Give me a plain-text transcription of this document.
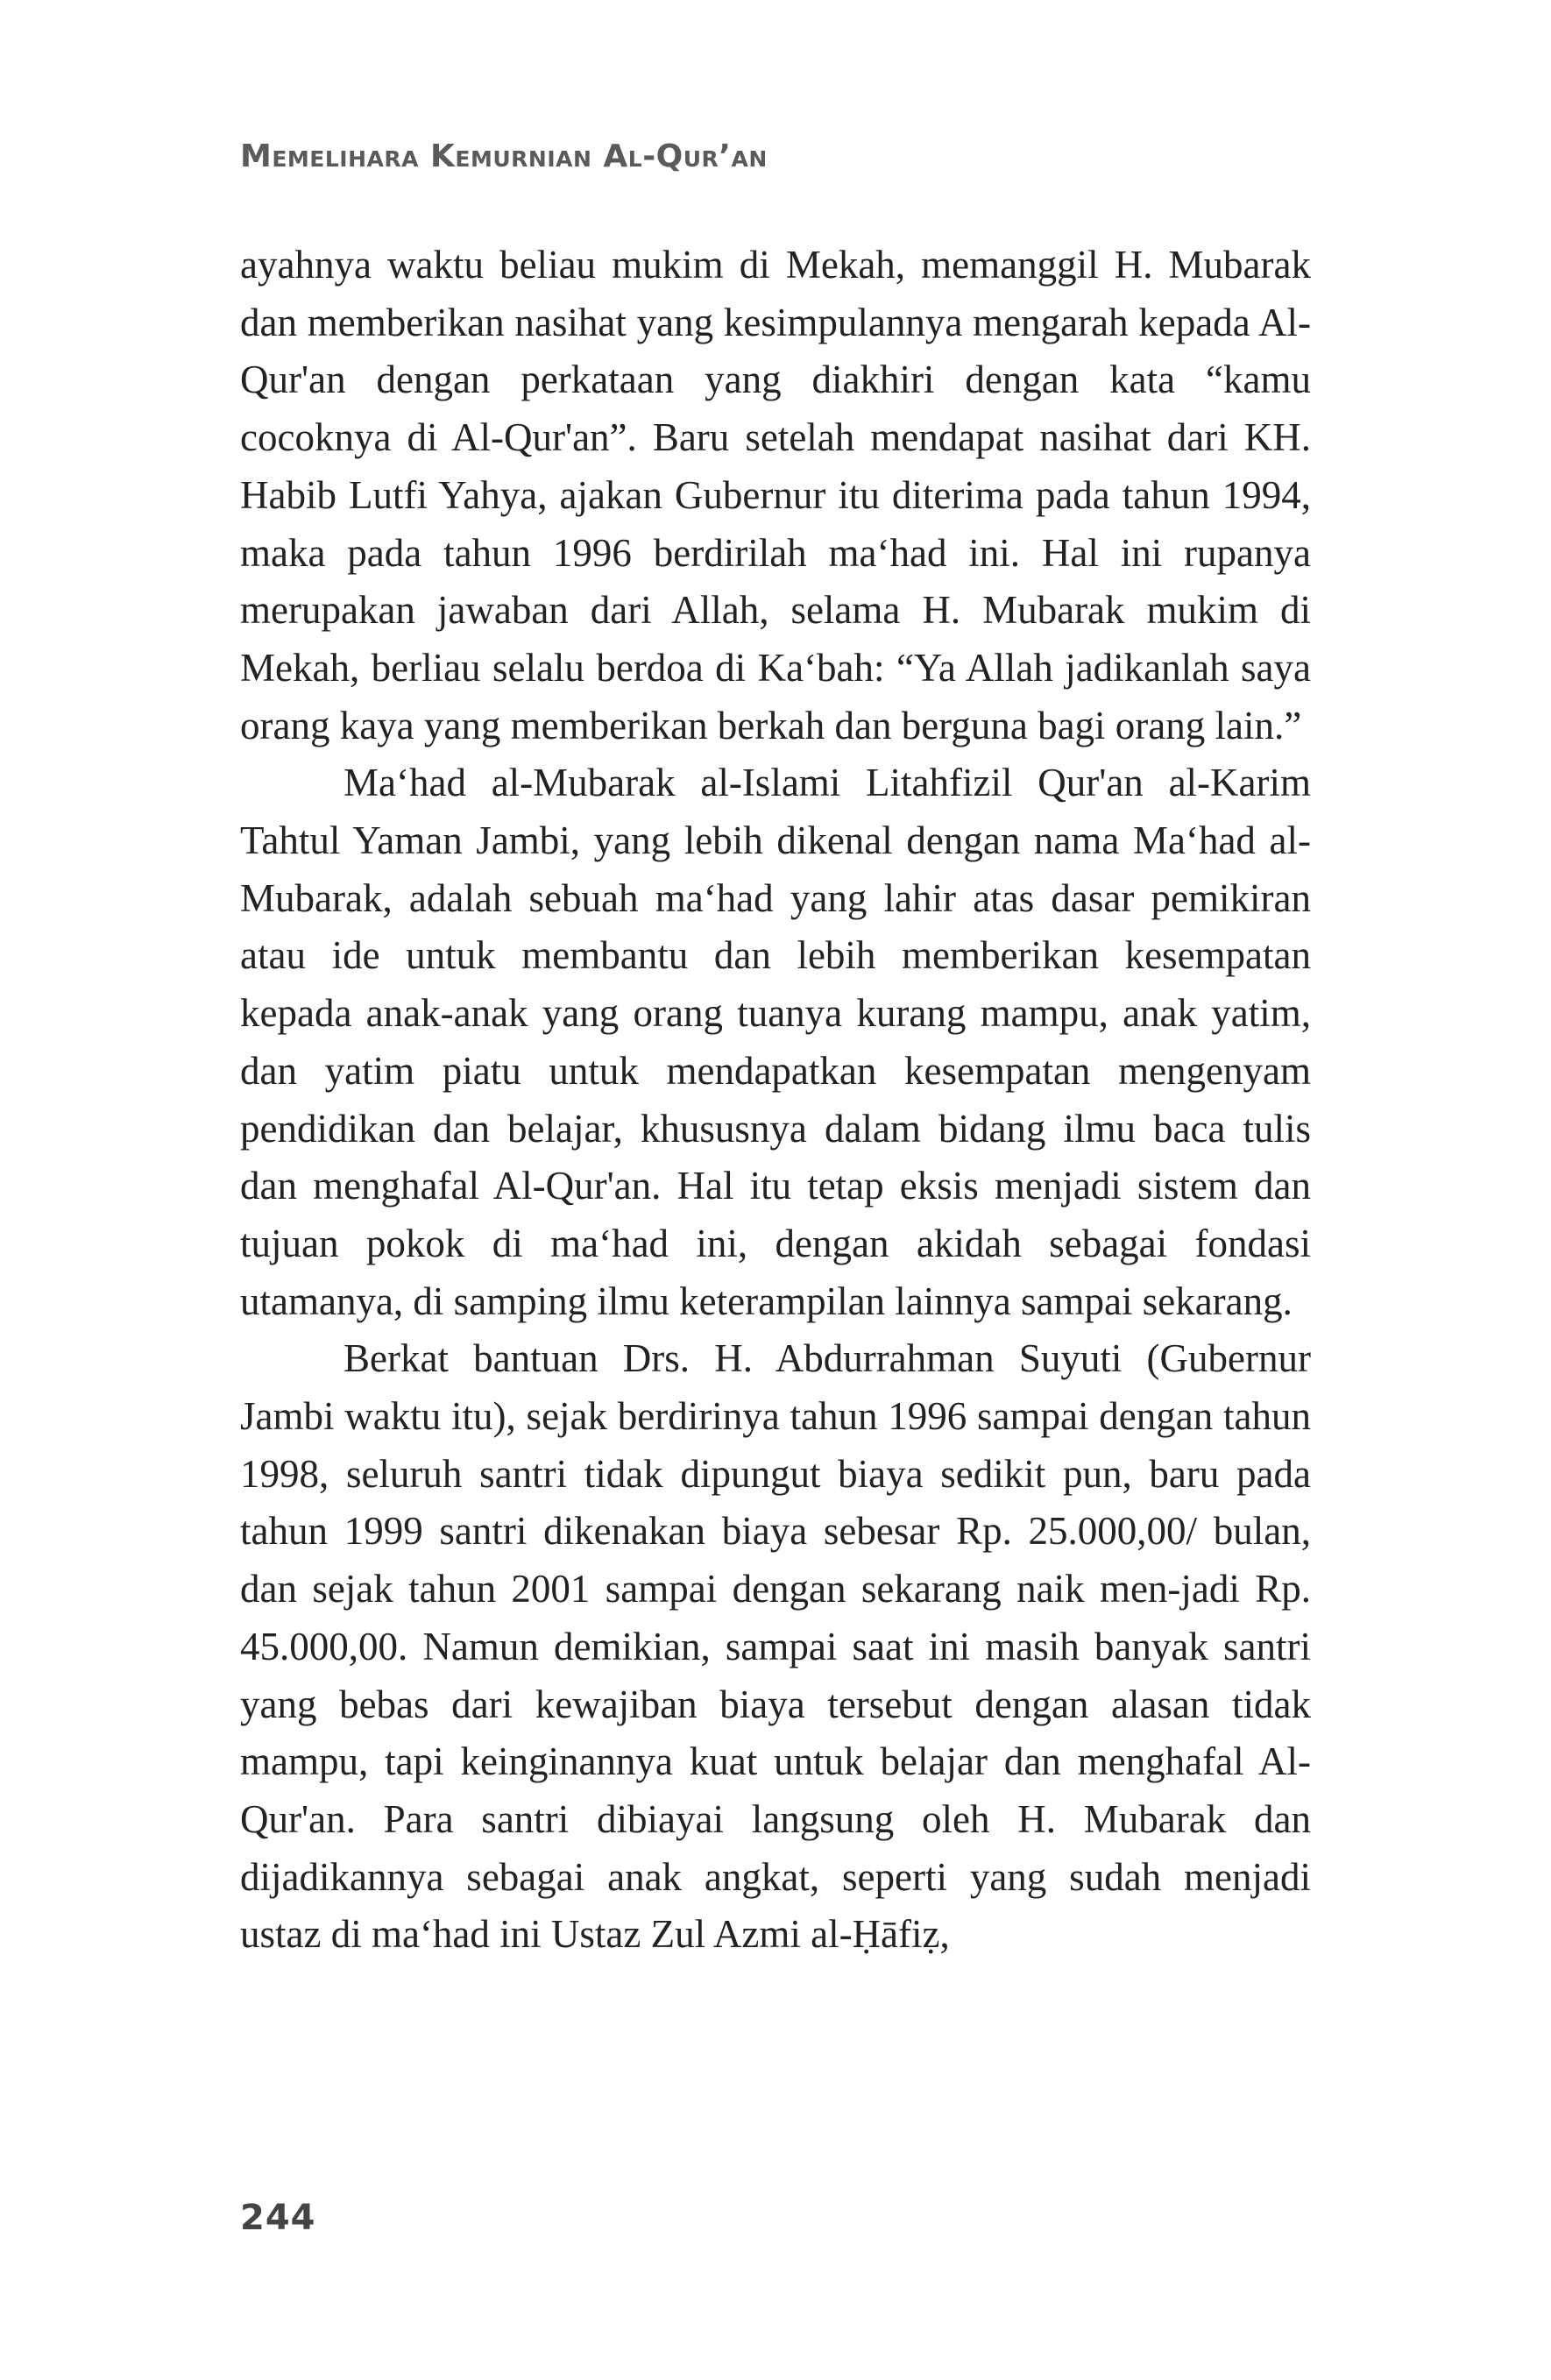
Memelihara Kemurnian Al-Qur’an

ayahnya waktu beliau mukim di Mekah, memanggil H. Mubarak dan memberikan nasihat yang kesimpulannya mengarah kepada Al-Qur'an dengan perkataan yang diakhiri dengan kata “kamu cocoknya di Al-Qur'an”. Baru setelah mendapat nasihat dari KH. Habib Lutfi Yahya, ajakan Gubernur itu diterima pada tahun 1994, maka pada tahun 1996 berdirilah ma‘had ini. Hal ini rupanya merupakan jawaban dari Allah, selama H. Mubarak mukim di Mekah, berliau selalu berdoa di Ka‘bah: “Ya Allah jadikanlah saya orang kaya yang memberikan berkah dan berguna bagi orang lain.”

Ma‘had al-Mubarak al-Islami Litahfizil Qur'an al-Karim Tahtul Yaman Jambi, yang lebih dikenal dengan nama Ma‘had al-Mubarak, adalah sebuah ma‘had yang lahir atas dasar pemikiran atau ide untuk membantu dan lebih memberikan kesempatan kepada anak-anak yang orang tuanya kurang mampu, anak yatim, dan yatim piatu untuk mendapatkan kesempatan mengenyam pendidikan dan belajar, khususnya dalam bidang ilmu baca tulis dan menghafal Al-Qur'an. Hal itu tetap eksis menjadi sistem dan tujuan pokok di ma‘had ini, dengan akidah sebagai fondasi utamanya, di samping ilmu keterampilan lainnya sampai sekarang.

Berkat bantuan Drs. H. Abdurrahman Suyuti (Gubernur Jambi waktu itu), sejak berdirinya tahun 1996 sampai dengan tahun 1998, seluruh santri tidak dipungut biaya sedikit pun, baru pada tahun 1999 santri dikenakan biaya sebesar Rp. 25.000,00/ bulan, dan sejak tahun 2001 sampai dengan sekarang naik men-jadi Rp. 45.000,00. Namun demikian, sampai saat ini masih banyak santri yang bebas dari kewajiban biaya tersebut dengan alasan tidak mampu, tapi keinginannya kuat untuk belajar dan menghafal Al-Qur'an. Para santri dibiayai langsung oleh H. Mubarak dan dijadikannya sebagai anak angkat, seperti yang sudah menjadi ustaz di ma‘had ini Ustaz Zul Azmi al-Ḥāfiẓ,

244
